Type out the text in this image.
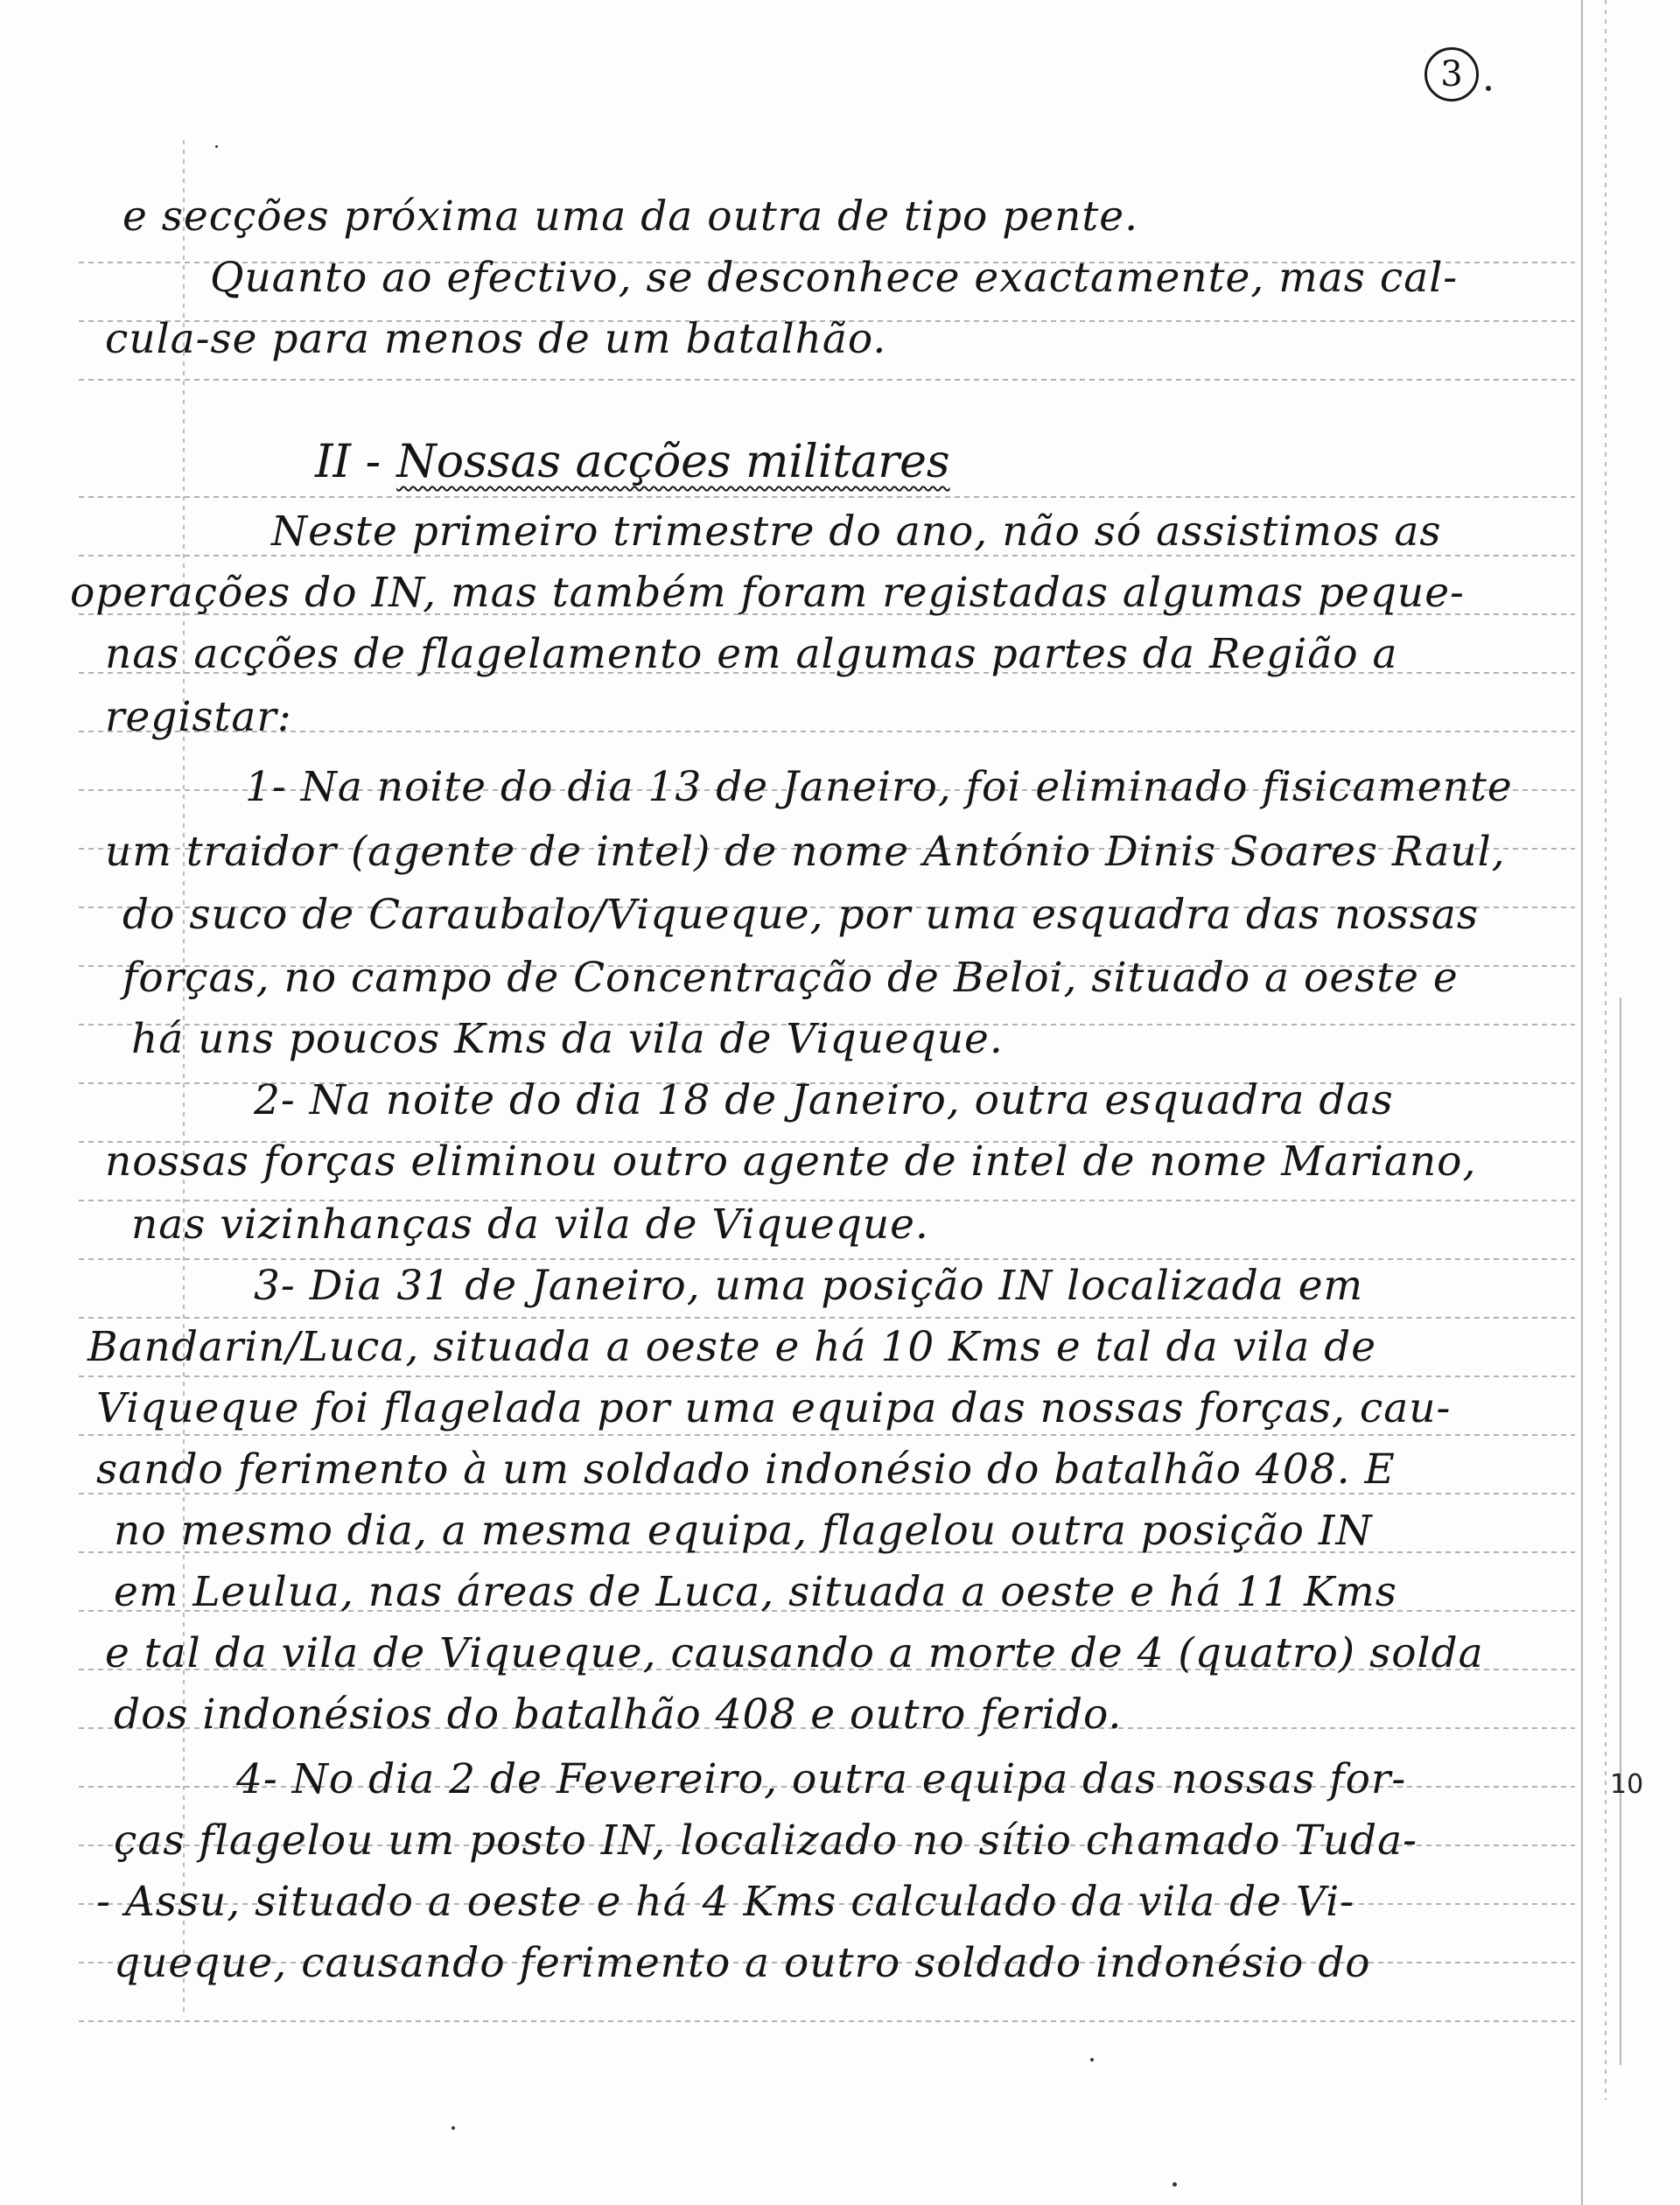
3
e secções próxima uma da outra de tipo pente.
Quanto ao efectivo, se desconhece exactamente, mas cal-
cula-se para menos de um batalhão.
II - Nossas acções militares
Neste primeiro trimestre do ano, não só assistimos as
operações do IN, mas também foram registadas algumas peque-
nas acções de flagelamento em algumas partes da Região a
registar:
1- Na noite do dia 13 de Janeiro, foi eliminado fisicamente
um traidor (agente de intel) de nome António Dinis Soares Raul,
do suco de Caraubalo/Viqueque, por uma esquadra das nossas
forças, no campo de Concentração de Beloi, situado a oeste e
há uns poucos Kms da vila de Viqueque.
2- Na noite do dia 18 de Janeiro, outra esquadra das
nossas forças eliminou outro agente de intel de nome Mariano,
nas vizinhanças da vila de Viqueque.
3- Dia 31 de Janeiro, uma posição IN localizada em
Bandarin/Luca, situada a oeste e há 10 Kms e tal da vila de
Viqueque foi flagelada por uma equipa das nossas forças, cau-
sando ferimento à um soldado indonésio do batalhão 408. E
no mesmo dia, a mesma equipa, flagelou outra posição IN
em Leulua, nas áreas de Luca, situada a oeste e há 11 Kms
e tal da vila de Viqueque, causando a morte de 4 (quatro) solda
dos indonésios do batalhão 408 e outro ferido.
4- No dia 2 de Fevereiro, outra equipa das nossas for-
ças flagelou um posto IN, localizado no sítio chamado Tuda-
- Assu, situado a oeste e há 4 Kms calculado da vila de Vi-
queque, causando ferimento a outro soldado indonésio do
10
